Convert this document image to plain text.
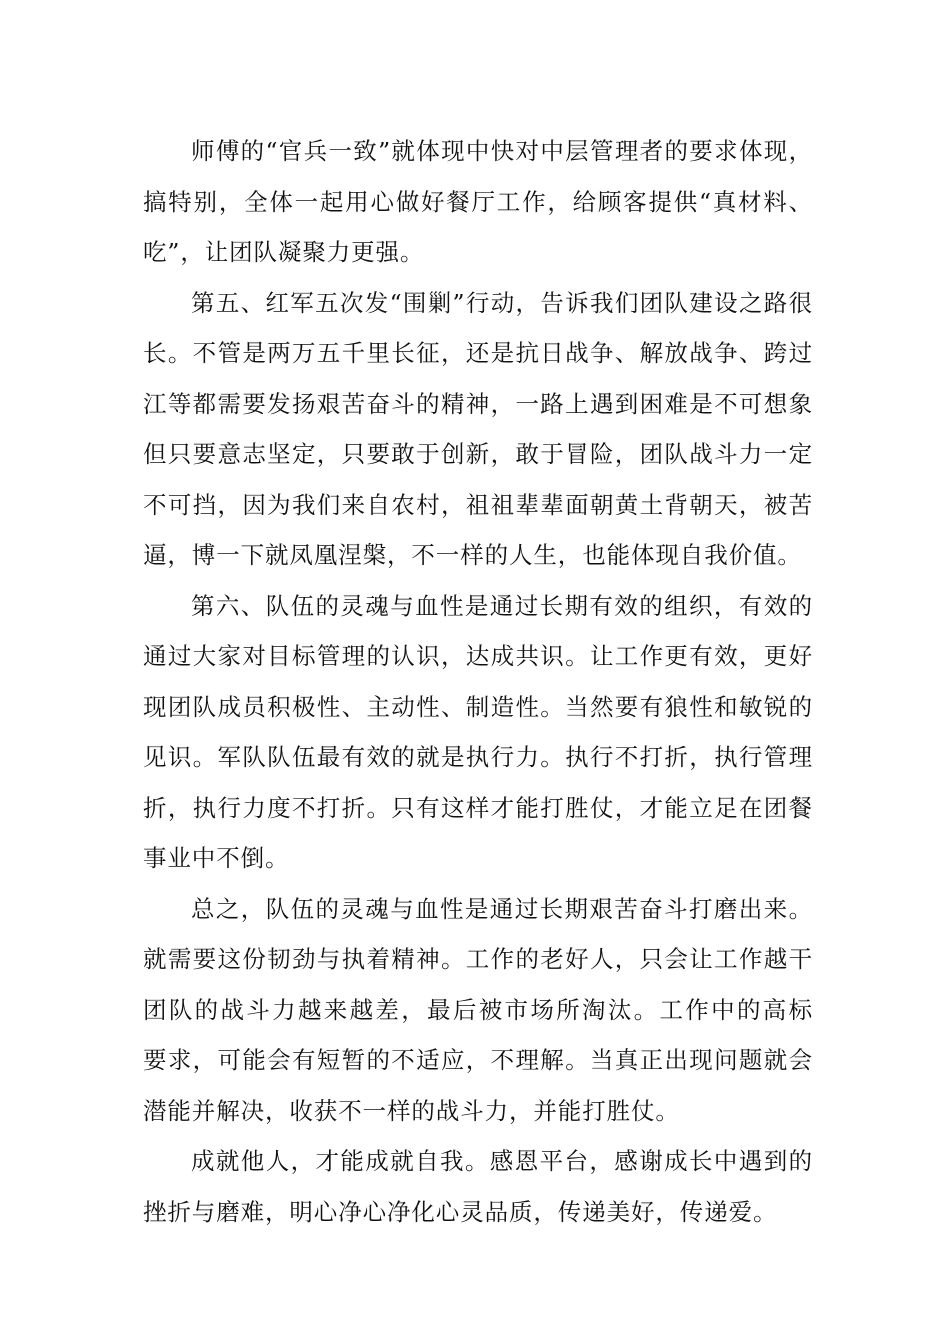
师傅的“官兵一致”就体现中快对中层管理者的要求体现，
搞特别，全体一起用心做好餐厅工作，给顾客提供“真材料、
吃”，让团队凝聚力更强。
第五、红军五次发“围剿”行动，告诉我们团队建设之路很
长。不管是两万五千里长征，还是抗日战争、解放战争、跨过
江等都需要发扬艰苦奋斗的精神，一路上遇到困难是不可想象
但只要意志坚定，只要敢于创新，敢于冒险，团队战斗力一定
不可挡，因为我们来自农村，祖祖辈辈面朝黄土背朝天，被苦
逼，博一下就凤凰涅槃，不一样的人生，也能体现自我价值。
第六、队伍的灵魂与血性是通过长期有效的组织，有效的
通过大家对目标管理的认识，达成共识。让工作更有效，更好
现团队成员积极性、主动性、制造性。当然要有狼性和敏锐的
见识。军队队伍最有效的就是执行力。执行不打折，执行管理
折，执行力度不打折。只有这样才能打胜仗，才能立足在团餐
事业中不倒。
总之，队伍的灵魂与血性是通过长期艰苦奋斗打磨出来。
就需要这份韧劲与执着精神。工作的老好人，只会让工作越干
团队的战斗力越来越差，最后被市场所淘汰。工作中的高标
要求，可能会有短暂的不适应，不理解。当真正出现问题就会
潜能并解决，收获不一样的战斗力，并能打胜仗。
成就他人，才能成就自我。感恩平台，感谢成长中遇到的
挫折与磨难，明心净心净化心灵品质，传递美好，传递爱。
